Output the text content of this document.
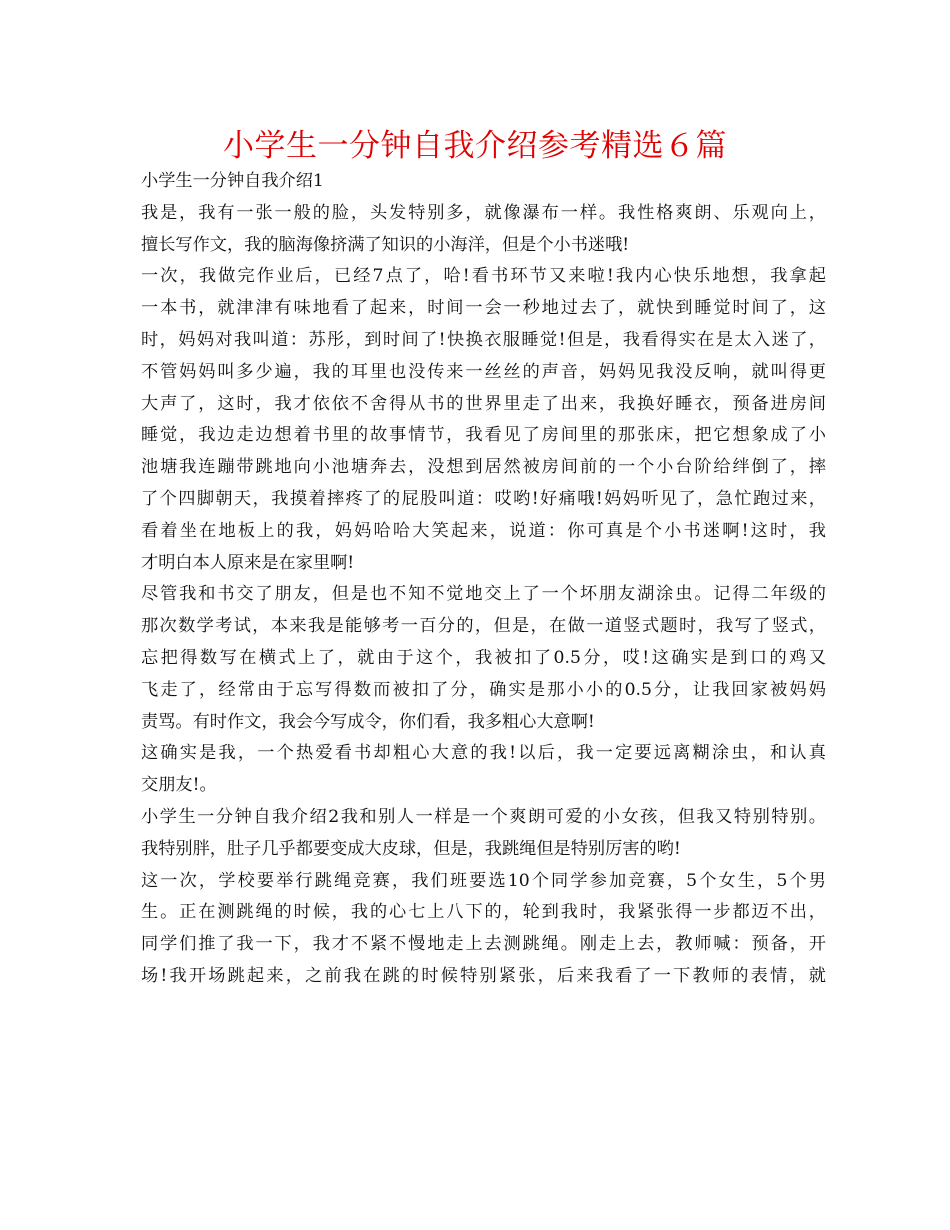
小学生一分钟自我介绍参考精选６篇
小学生一分钟自我介绍1
我是，我有一张一般的脸，头发特别多，就像瀑布一样。我性格爽朗、乐观向上，
擅长写作文，我的脑海像挤满了知识的小海洋，但是个小书迷哦!
一次，我做完作业后，已经7点了，哈!看书环节又来啦!我内心快乐地想，我拿起
一本书，就津津有味地看了起来，时间一会一秒地过去了，就快到睡觉时间了，这
时，妈妈对我叫道：苏彤，到时间了!快换衣服睡觉!但是，我看得实在是太入迷了，
不管妈妈叫多少遍，我的耳里也没传来一丝丝的声音，妈妈见我没反响，就叫得更
大声了，这时，我才依依不舍得从书的世界里走了出来，我换好睡衣，预备进房间
睡觉，我边走边想着书里的故事情节，我看见了房间里的那张床，把它想象成了小
池塘我连蹦带跳地向小池塘奔去，没想到居然被房间前的一个小台阶给绊倒了，摔
了个四脚朝天，我摸着摔疼了的屁股叫道：哎哟!好痛哦!妈妈听见了，急忙跑过来，
看着坐在地板上的我，妈妈哈哈大笑起来，说道：你可真是个小书迷啊!这时，我
才明白本人原来是在家里啊!
尽管我和书交了朋友，但是也不知不觉地交上了一个坏朋友湖涂虫。记得二年级的
那次数学考试，本来我是能够考一百分的，但是，在做一道竖式题时，我写了竖式，
忘把得数写在横式上了，就由于这个，我被扣了0.5分，哎!这确实是到口的鸡又
飞走了，经常由于忘写得数而被扣了分，确实是那小小的0.5分，让我回家被妈妈
责骂。有时作文，我会今写成令，你们看，我多粗心大意啊!
这确实是我，一个热爱看书却粗心大意的我!以后，我一定要远离糊涂虫，和认真
交朋友!。
小学生一分钟自我介绍2我和别人一样是一个爽朗可爱的小女孩，但我又特别特别。
我特别胖，肚子几乎都要变成大皮球，但是，我跳绳但是特别厉害的哟!
这一次，学校要举行跳绳竞赛，我们班要选10个同学参加竞赛，5个女生，5个男
生。正在测跳绳的时候，我的心七上八下的，轮到我时，我紧张得一步都迈不出，
同学们推了我一下，我才不紧不慢地走上去测跳绳。刚走上去，教师喊：预备，开
场!我开场跳起来，之前我在跳的时候特别紧张，后来我看了一下教师的表情，就
